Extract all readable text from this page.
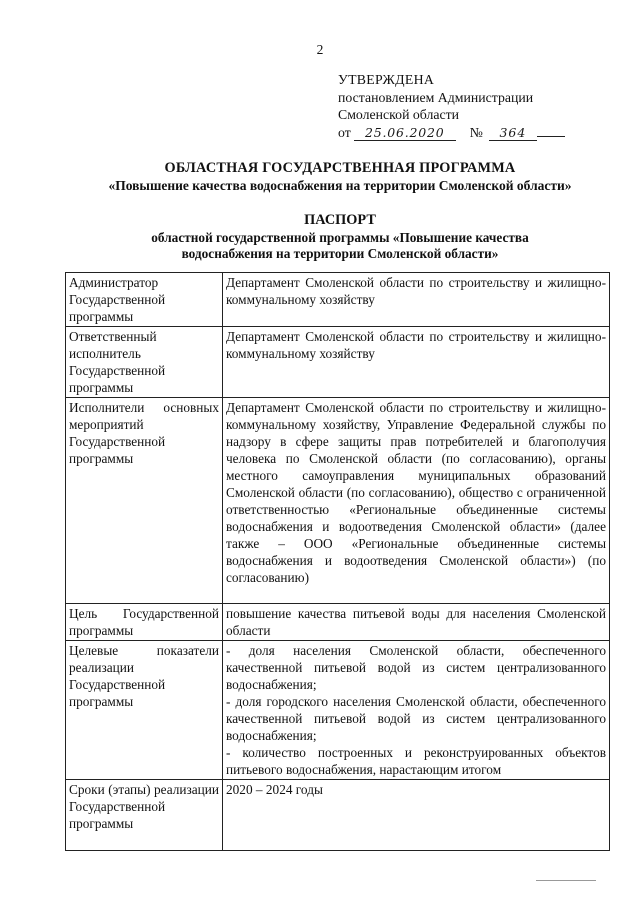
2
УТВЕРЖДЕНА
постановлением Администрации
Смоленской области
от	25.06.2020	№	364
ОБЛАСТНАЯ ГОСУДАРСТВЕННАЯ ПРОГРАММА
«Повышение качества водоснабжения на территории Смоленской области»
ПАСПОРТ
областной государственной программы «Повышение качества
водоснабжения на территории Смоленской области»
Администратор Государственной программы	Департамент Смоленской области по строительству и жилищно-коммунальному хозяйству
Ответственный исполнитель Государственной программы	Департамент Смоленской области по строительству и жилищно-коммунальному хозяйству
Исполнители основных мероприятий Государственной программы	Департамент Смоленской области по строительству и жилищно-коммунальному хозяйству, Управление Федеральной службы по надзору в сфере защиты прав потребителей и благополучия человека по Смоленской области (по согласованию), органы местного самоуправления муниципальных образований Смоленской области (по согласованию), общество с ограниченной ответственностью «Региональные объединенные системы водоснабжения и водоотведения Смоленской области» (далее также – ООО «Региональные объединенные системы водоснабжения и водоотведения Смоленской области») (по согласованию)
Цель Государственной программы	повышение качества питьевой воды для населения Смоленской области
Целевые показатели реализации Государственной программы	- доля населения Смоленской области, обеспеченного качественной питьевой водой из систем централизованного водоснабжения;
- доля городского населения Смоленской области, обеспеченного качественной питьевой водой из систем централизованного водоснабжения;
- количество построенных и реконструированных объектов питьевого водоснабжения, нарастающим итогом

Сроки (этапы) реализации Государственной программы	2020 – 2024 годы
